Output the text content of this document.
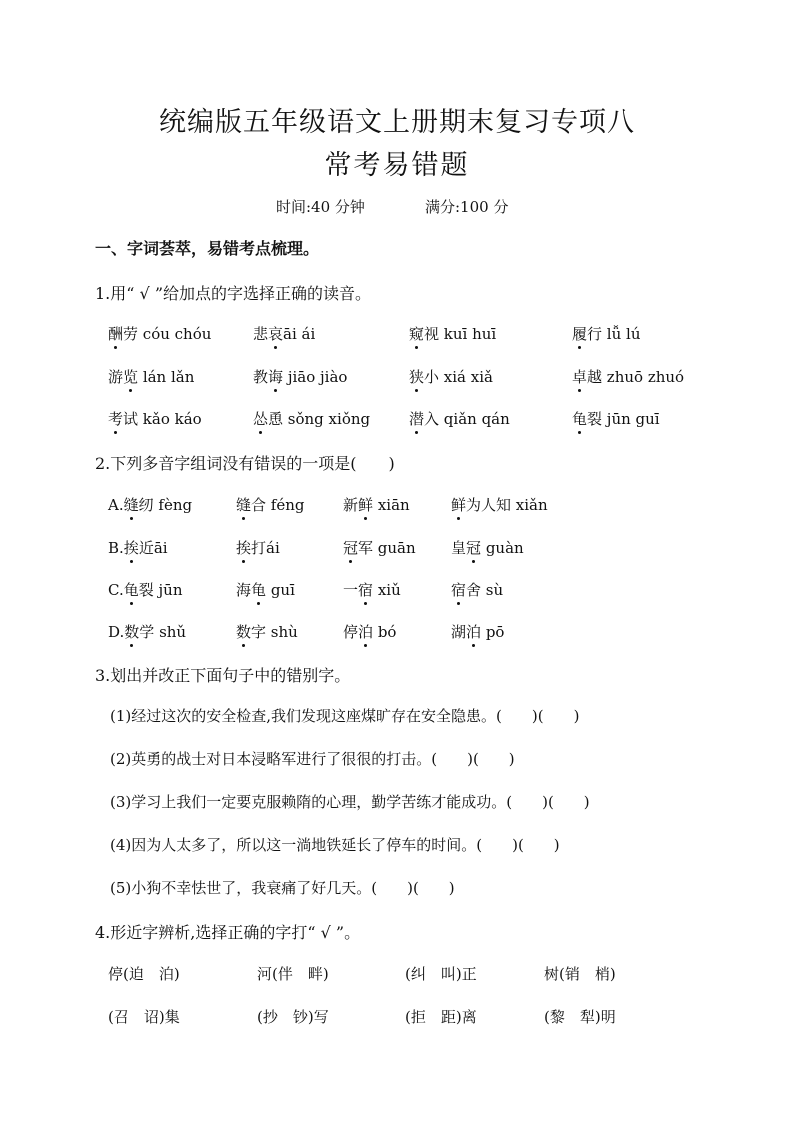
统编版五年级语文上册期末复习专项八
常考易错题
时间:40 分钟	满分:100 分
一、字词荟萃，易错考点梳理。
1.用“ √ ”给加点的字选择正确的读音。
酬劳 cóu chóu	悲哀āi ái	窥视 kuī huī	履行 lǚ lú
游览 lán lǎn	教诲 jiāo jiào	狭小 xiá xiǎ	卓越 zhuō zhuó
考试 kǎo káo	怂恿 sǒng xiǒng	潜入 qiǎn qán	龟裂 jūn guī
2.下列多音字组词没有错误的一项是(　　)
A.缝纫 fèng	缝合 féng	新鲜 xiān	鲜为人知 xiǎn
B.挨近āi	挨打ái	冠军 guān 皇冠 guàn
C.龟裂 jūn	海龟 guī	一宿 xiǔ	宿舍 sù
D.数学 shǔ	数字 shù	停泊 bó	湖泊 pō
3.划出并改正下面句子中的错别字。
(1)经过这次的安全检查,我们发现这座煤旷存在安全隐患。(　　)(　　)
(2)英勇的战士对日本浸略军进行了很很的打击。(　　)(　　)
(3)学习上我们一定要克服赖隋的心理，勤学苦练才能成功。(　　)(　　)
(4)因为人太多了，所以这一淌地铁延长了停车的时间。(　　)(　　)
(5)小狗不幸怯世了，我衰痛了好几天。(　　)(　　)
4.形近字辨析,选择正确的字打“ √ ”。
停(迫　泊)	河(伴　畔)	(纠　叫)正	树(销　梢)
(召　诏)集	(抄　钞)写	(拒　距)离	(黎　犁)明
